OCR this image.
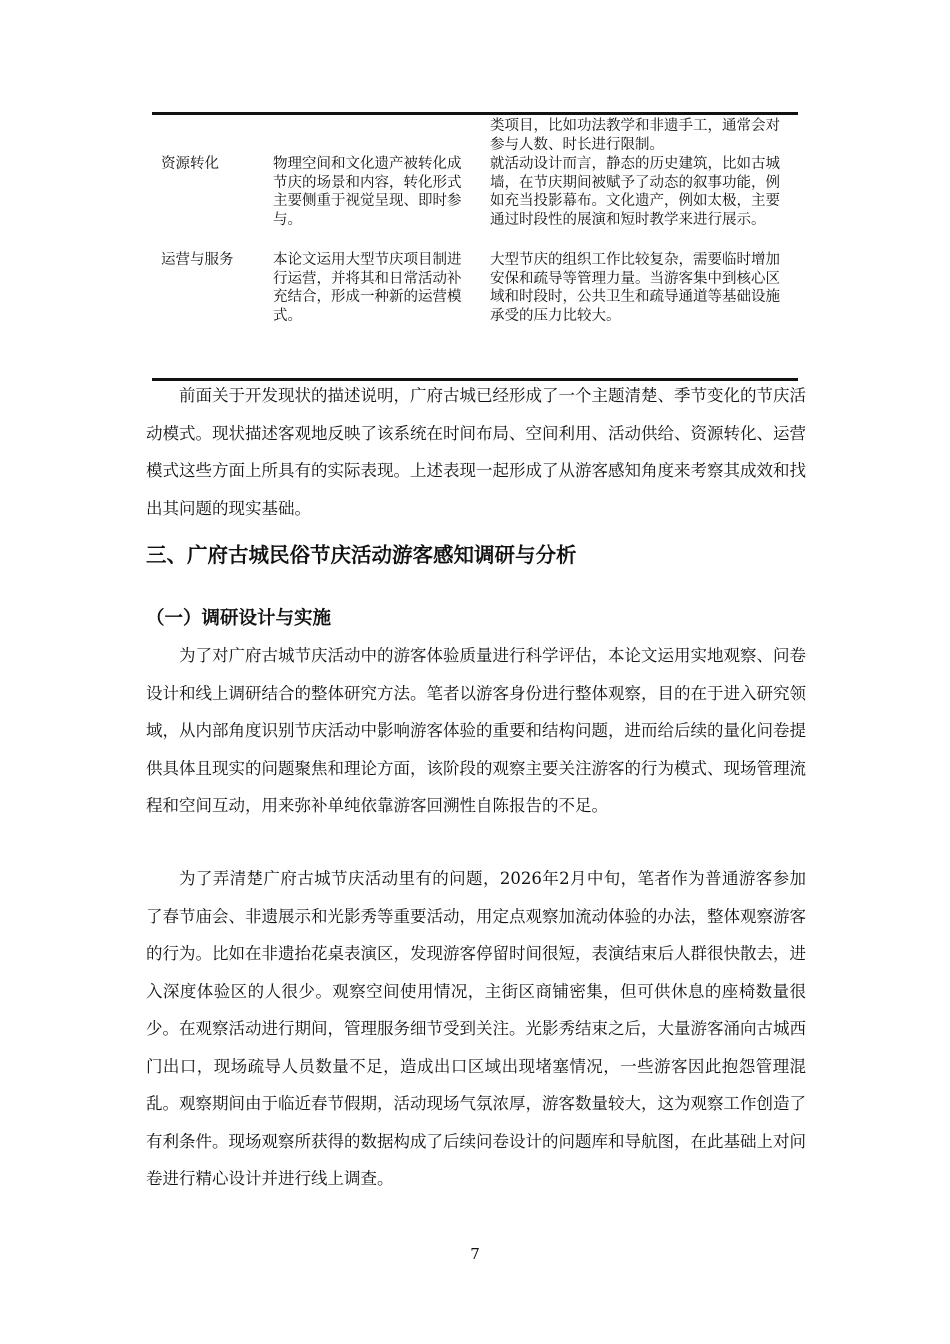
类项目，比如功法教学和非遗手工，通常会对参与人数、时长进行限制。

资源转化	物理空间和文化遗产被转化成节庆的场景和内容，转化形式主要侧重于视觉呈现、即时参与。

就活动设计而言，静态的历史建筑，比如古城墙，在节庆期间被赋予了动态的叙事功能，例如充当投影幕布。文化遗产，例如太极，主要通过时段性的展演和短时教学来进行展示。

运营与服务	本论文运用大型节庆项目制进行运营，并将其和日常活动补充结合，形成一种新的运营模式。

大型节庆的组织工作比较复杂，需要临时增加安保和疏导等管理力量。当游客集中到核心区域和时段时，公共卫生和疏导通道等基础设施承受的压力比较大。

前面关于开发现状的描述说明，广府古城已经形成了一个主题清楚、季节变化的节庆活动模式。现状描述客观地反映了该系统在时间布局、空间利用、活动供给、资源转化、运营模式这些方面上所具有的实际表现。上述表现一起形成了从游客感知角度来考察其成效和找出其问题的现实基础。

三、广府古城民俗节庆活动游客感知调研与分析
（一）调研设计与实施

为了对广府古城节庆活动中的游客体验质量进行科学评估，本论文运用实地观察、问卷设计和线上调研结合的整体研究方法。笔者以游客身份进行整体观察，目的在于进入研究领域，从内部角度识别节庆活动中影响游客体验的重要和结构问题，进而给后续的量化问卷提供具体且现实的问题聚焦和理论方面，该阶段的观察主要关注游客的行为模式、现场管理流程和空间互动，用来弥补单纯依靠游客回溯性自陈报告的不足。

为了弄清楚广府古城节庆活动里有的问题，2026年2月中旬，笔者作为普通游客参加了春节庙会、非遗展示和光影秀等重要活动，用定点观察加流动体验的办法，整体观察游客的行为。比如在非遗抬花桌表演区，发现游客停留时间很短，表演结束后人群很快散去，进入深度体验区的人很少。观察空间使用情况，主街区商铺密集，但可供休息的座椅数量很少。在观察活动进行期间，管理服务细节受到关注。光影秀结束之后，大量游客涌向古城西门出口，现场疏导人员数量不足，造成出口区域出现堵塞情况，一些游客因此抱怨管理混乱。观察期间由于临近春节假期，活动现场气氛浓厚，游客数量较大，这为观察工作创造了有利条件。现场观察所获得的数据构成了后续问卷设计的问题库和导航图，在此基础上对问卷进行精心设计并进行线上调查。

7
